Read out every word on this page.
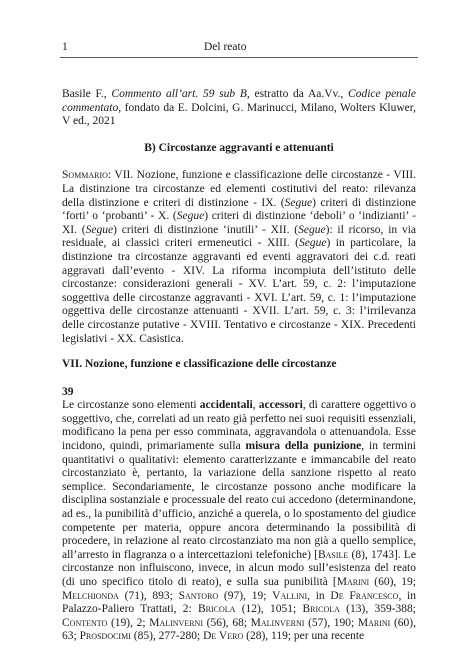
1	Del reato

Basile F., Commento all’art. 59 sub B, estratto da Aa.Vv., Codice penale commentato, fondato da E. Dolcini, G. Marinucci, Milano, Wolters Kluwer, V ed., 2021

B) Circostanze aggravanti e attenuanti

Sommario: VII. Nozione, funzione e classificazione delle circostanze - VIII. La distinzione tra circostanze ed elementi costitutivi del reato: rilevanza della distinzione e criteri di distinzione - IX. (Segue) criteri di distinzione ‘forti’ o ‘probanti’ - X. (Segue) criteri di distinzione ‘deboli’ o ‘indizianti’ - XI. (Segue) criteri di distinzione ‘inutili’ - XII. (Segue): il ricorso, in via residuale, ai classici criteri ermeneutici - XIII. (Segue) in particolare, la distinzione tra circostanze aggravanti ed eventi aggravatori dei c.d. reati aggravati dall’evento - XIV. La riforma incompiuta dell’istituto delle circostanze: considerazioni generali - XV. L’art. 59, c. 2: l’imputazione soggettiva delle circostanze aggravanti - XVI. L’art. 59, c. 1: l’imputazione oggettiva delle circostanze attenuanti - XVII. L’art. 59, c. 3: l’irrilevanza delle circostanze putative - XVIII. Tentativo e circostanze - XIX. Precedenti legislativi - XX. Casistica.

VII. Nozione, funzione e classificazione delle circostanze

39

Le circostanze sono elementi accidentali, accessori, di carattere oggettivo o soggettivo, che, correlati ad un reato già perfetto nei suoi requisiti essenziali, modificano la pena per esso comminata, aggravandola o attenuandola. Esse incidono, quindi, primariamente sulla misura della punizione, in termini quantitativi o qualitativi: elemento caratterizzante e immancabile del reato circostanziato è, pertanto, la variazione della sanzione rispetto al reato semplice. Secondariamente, le circostanze possono anche modificare la disciplina sostanziale e processuale del reato cui accedono (determinandone, ad es., la punibilità d’ufficio, anziché a querela, o lo spostamento del giudice competente per materia, oppure ancora determinando la possibilità di procedere, in relazione al reato circostanziato ma non già a quello semplice, all’arresto in flagranza o a intercettazioni telefoniche) [Basile (8), 1743]. Le circostanze non influiscono, invece, in alcun modo sull’esistenza del reato (di uno specifico titolo di reato), e sulla sua punibilità [Marini (60), 19; Melchionda (71), 893; Santoro (97), 19; Vallini, in De Francesco, in Palazzo-Paliero Trattati, 2: Bricola (12), 1051; Bricola (13), 359-388; Contento (19), 2; Malinverni (56), 68; Malinverni (57), 190; Marini (60), 63; Prosdocimi (85), 277-280; De Vero (28), 119; per una recente
